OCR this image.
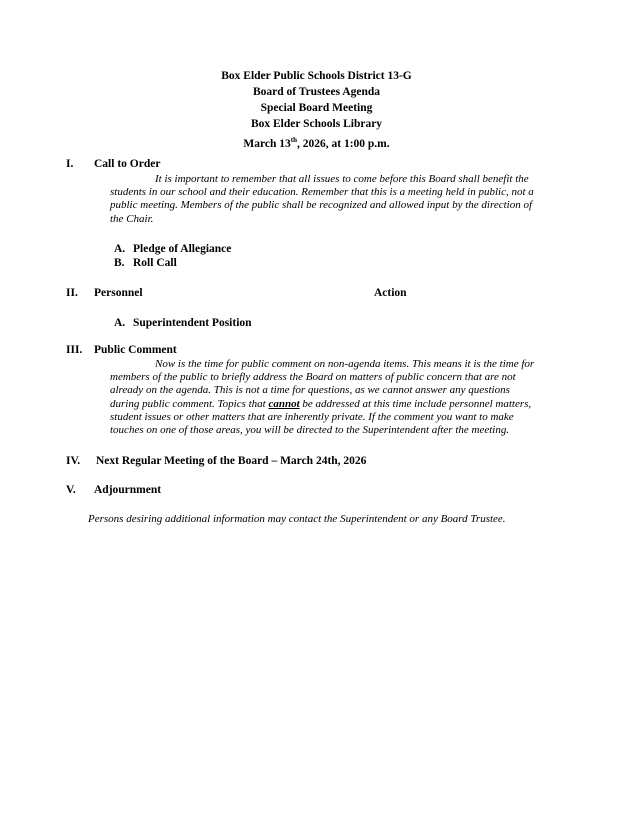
Box Elder Public Schools District 13-G
Board of Trustees Agenda
Special Board Meeting
Box Elder Schools Library
March 13th, 2026, at 1:00 p.m.
I. Call to Order
It is important to remember that all issues to come before this Board shall benefit the
students in our school and their education. Remember that this is a meeting held in public, not a
public meeting. Members of the public shall be recognized and allowed input by the direction of
the Chair.
A. Pledge of Allegiance
B. Roll Call
II. Personnel	Action
A. Superintendent Position
III. Public Comment
Now is the time for public comment on non-agenda items. This means it is the time for
members of the public to briefly address the Board on matters of public concern that are not
already on the agenda. This is not a time for questions, as we cannot answer any questions
during public comment. Topics that cannot be addressed at this time include personnel matters,
student issues or other matters that are inherently private. If the comment you want to make
touches on one of those areas, you will be directed to the Superintendent after the meeting.
IV. Next Regular Meeting of the Board – March 24th, 2026
V. Adjournment
Persons desiring additional information may contact the Superintendent or any Board Trustee.
